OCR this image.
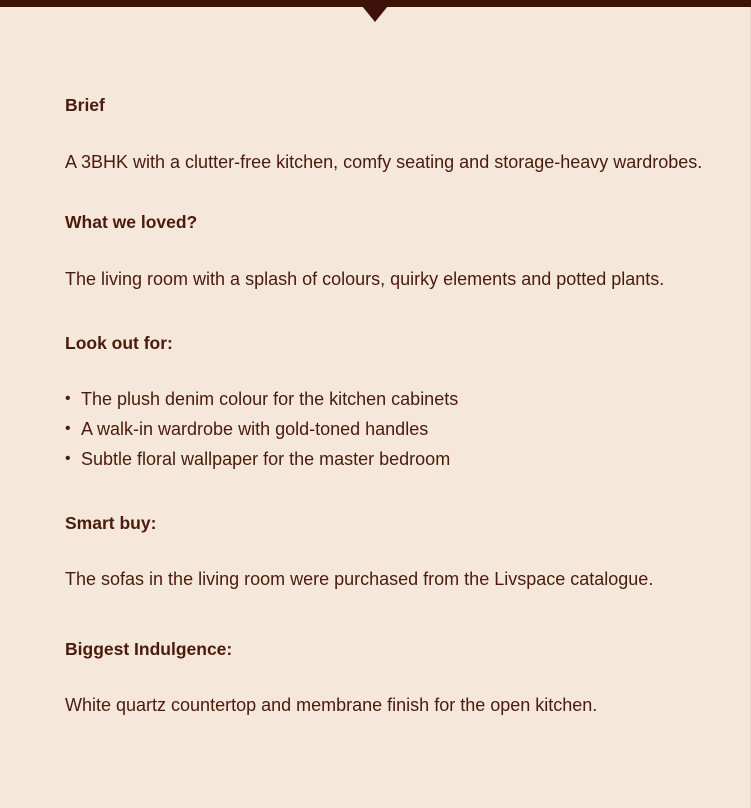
Brief
A 3BHK with a clutter-free kitchen, comfy seating and storage-heavy wardrobes.
What we loved?
The living room with a splash of colours, quirky elements and potted plants.
Look out for:
• The plush denim colour for the kitchen cabinets
• A walk-in wardrobe with gold-toned handles
• Subtle floral wallpaper for the master bedroom
Smart buy:
The sofas in the living room were purchased from the Livspace catalogue.
Biggest Indulgence:
White quartz countertop and membrane finish for the open kitchen.
